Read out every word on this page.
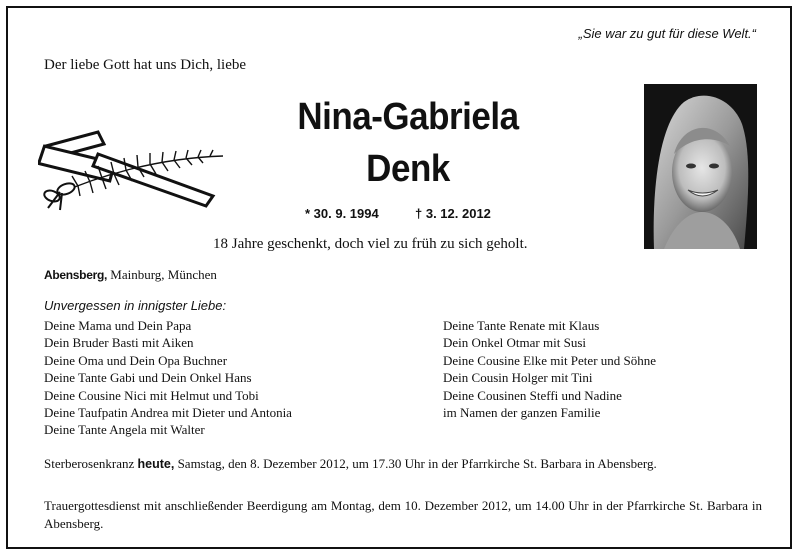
„Sie war zu gut für diese Welt.“
Der liebe Gott hat uns Dich, liebe
Nina-Gabriela
Denk
* 30. 9. 1994	† 3. 12. 2012
18 Jahre geschenkt, doch viel zu früh zu sich geholt.
Abensberg, Mainburg, München
Unvergessen in innigster Liebe:
Deine Mama und Dein Papa
Dein Bruder Basti mit Aiken
Deine Oma und Dein Opa Buchner
Deine Tante Gabi und Dein Onkel Hans
Deine Cousine Nici mit Helmut und Tobi
Deine Taufpatin Andrea mit Dieter und Antonia
Deine Tante Angela mit Walter
Deine Tante Renate mit Klaus
Dein Onkel Otmar mit Susi
Deine Cousine Elke mit Peter und Söhne
Dein Cousin Holger mit Tini
Deine Cousinen Steffi und Nadine
im Namen der ganzen Familie
Sterberosenkranz heute, Samstag, den 8. Dezember 2012, um 17.30 Uhr in der Pfarrkirche St. Barbara in Abensberg.
Trauergottesdienst mit anschließender Beerdigung am Montag, dem 10. Dezember 2012, um 14.00 Uhr in der Pfarrkirche St. Barbara in Abensberg.
